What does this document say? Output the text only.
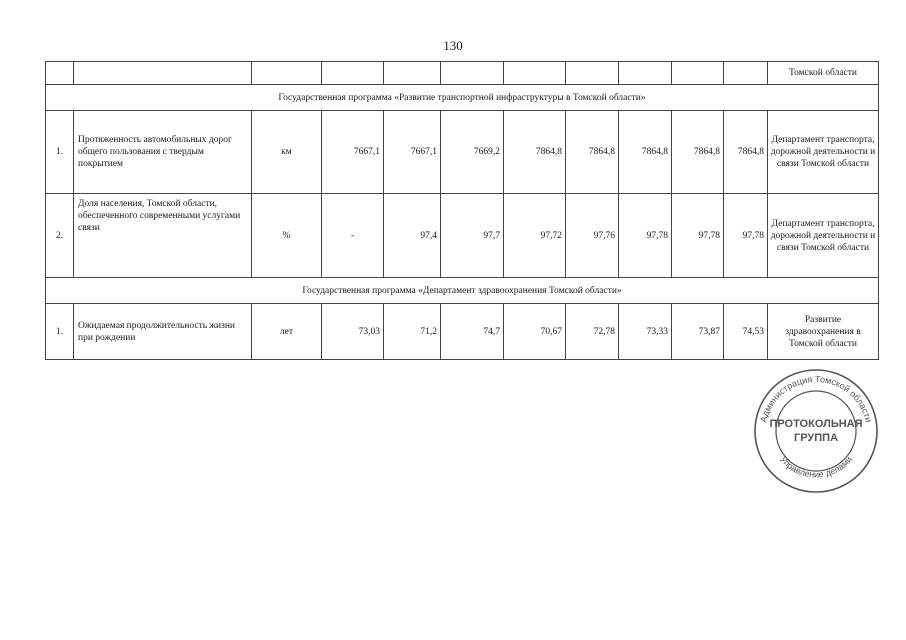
130
											Томской области
Государственная программа «Развитие транспортной инфраструктуры в Томской области»											
1.	Протяженность автомобильных дорог общего пользования с твердым покрытием	км	7667,1	7667,1	7669,2	7864,8	7864,8	7864,8	7864,8	7864,8	Департамент транспорта, дорожной деятельности и связи Томской области
2.	Доля населения, Томской области, обеспеченного современными услугами связи	%	-	97,4	97,7	97,72	97,76	97,78	97,78	97,78	Департамент транспорта, дорожной деятельности и связи Томской области
Государственная программа «Департамент здравоохранения Томской области»											
1.	Ожидаемая продолжительность жизни при рождении	лет	73,03	71,2	74,7	70,67	72,78	73,33	73,87	74,53	Развитие здравоохранения в Томской области
Администрация Томской области
Управление делами
ПРОТОКОЛЬНАЯ
ГРУППА
